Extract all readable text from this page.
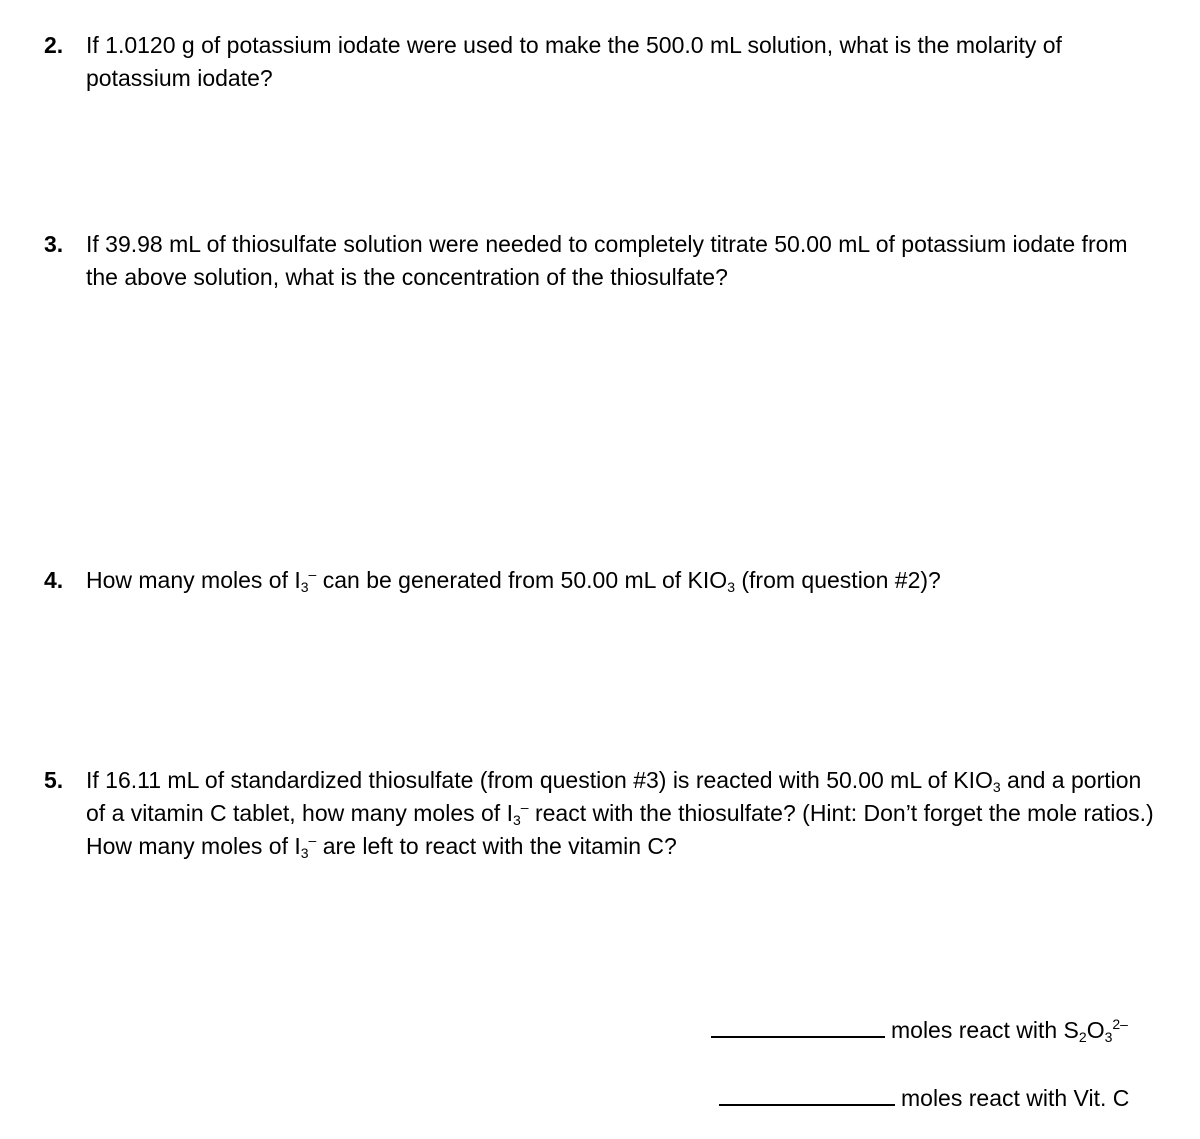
2. If 1.0120 g of potassium iodate were used to make the 500.0 mL solution, what is the molarity of potassium iodate?
3. If 39.98 mL of thiosulfate solution were needed to completely titrate 50.00 mL of potassium iodate from the above solution, what is the concentration of the thiosulfate?
4. How many moles of $I_3^-$ can be generated from 50.00 mL of $KIO_3$ (from question #2)?
5. If 16.11 mL of standardized thiosulfate (from question #3) is reacted with 50.00 mL of $KIO_3$ and a portion of a vitamin C tablet, how many moles of $I_3^-$ react with the thiosulfate? (Hint: Don’t forget the mole ratios.) How many moles of $I_3^-$ are left to react with the vitamin C?
moles react with $S_2O_3^{2-}$
moles react with Vit. C
